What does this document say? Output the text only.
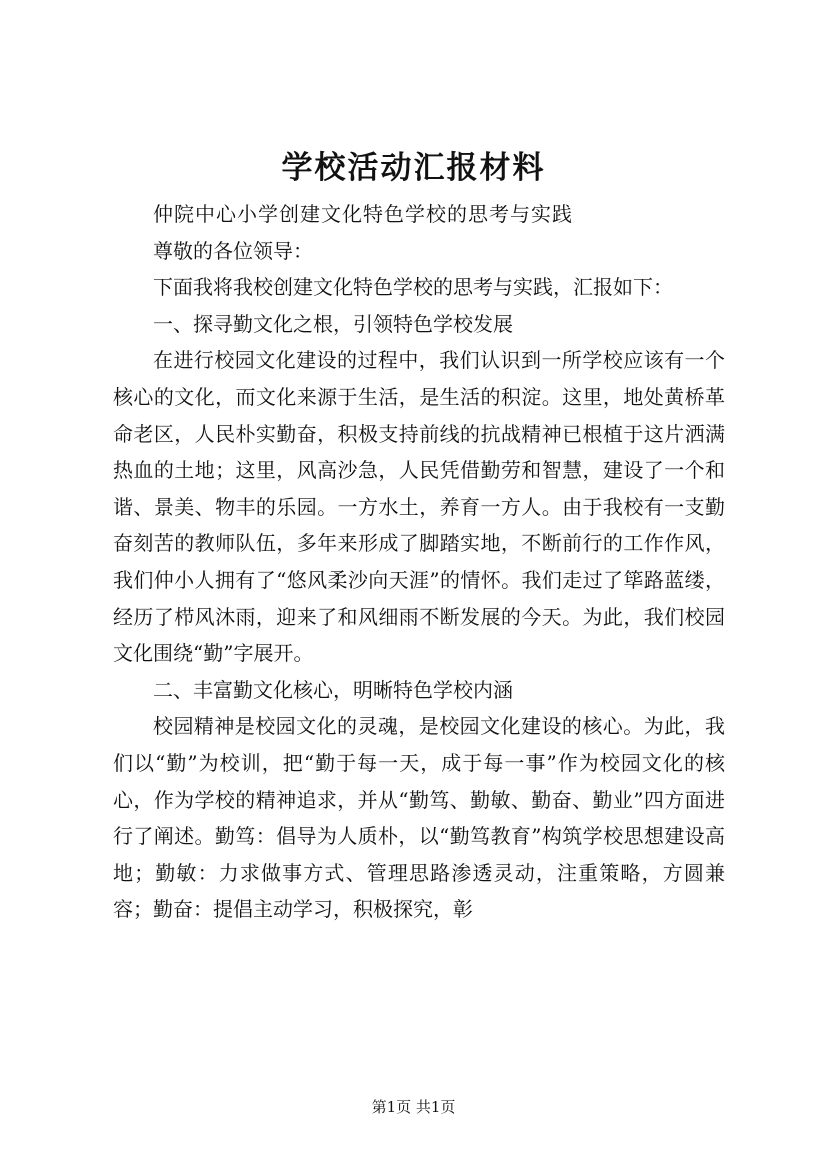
学校活动汇报材料

仲院中心小学创建文化特色学校的思考与实践

尊敬的各位领导：

下面我将我校创建文化特色学校的思考与实践，汇报如下：

一、探寻勤文化之根，引领特色学校发展

在进行校园文化建设的过程中，我们认识到一所学校应该有一个核心的文化，而文化来源于生活，是生活的积淀。这里，地处黄桥革命老区，人民朴实勤奋，积极支持前线的抗战精神已根植于这片洒满热血的土地；这里，风高沙急，人民凭借勤劳和智慧，建设了一个和谐、景美、物丰的乐园。一方水土，养育一方人。由于我校有一支勤奋刻苦的教师队伍，多年来形成了脚踏实地，不断前行的工作作风，我们仲小人拥有了“悠风柔沙向天涯”的情怀。我们走过了筚路蓝缕，经历了栉风沐雨，迎来了和风细雨不断发展的今天。为此，我们校园文化围绕“勤”字展开。

二、丰富勤文化核心，明晰特色学校内涵

校园精神是校园文化的灵魂，是校园文化建设的核心。为此，我们以“勤”为校训，把“勤于每一天，成于每一事”作为校园文化的核心，作为学校的精神追求，并从“勤笃、勤敏、勤奋、勤业”四方面进行了阐述。勤笃：倡导为人质朴，以“勤笃教育”构筑学校思想建设高地；勤敏：力求做事方式、管理思路渗透灵动，注重策略，方圆兼容；勤奋：提倡主动学习，积极探究，彰

第1页 共1页
